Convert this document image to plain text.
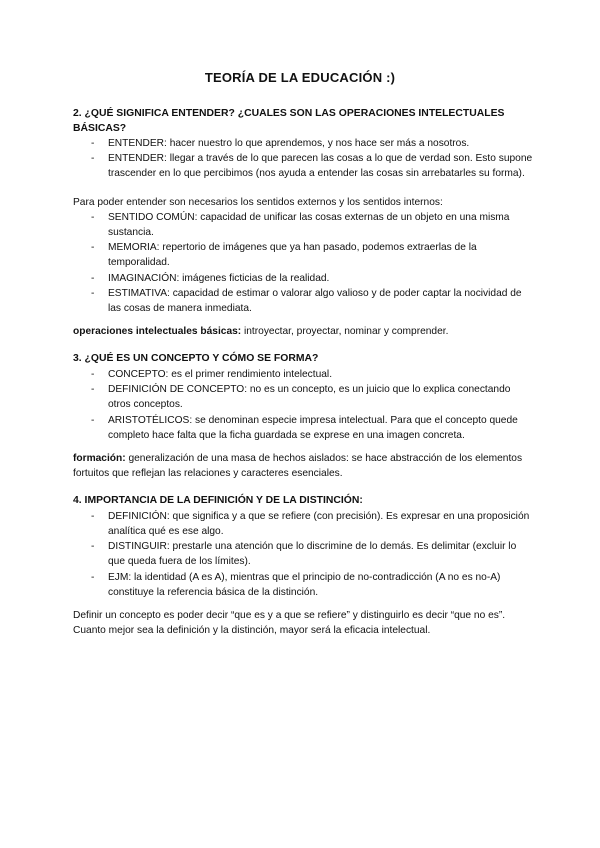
TEORÍA DE LA EDUCACIÓN :)
2. ¿QUÉ SIGNIFICA ENTENDER? ¿CUALES SON LAS OPERACIONES INTELECTUALES BÁSICAS?
- ENTENDER: hacer nuestro lo que aprendemos, y nos hace ser más a nosotros.
- ENTENDER: llegar a través de lo que parecen las cosas a lo que de verdad son. Esto supone trascender en lo que percibimos (nos ayuda a entender las cosas sin arrebatarles su forma).

Para poder entender son necesarios los sentidos externos y los sentidos internos:

- SENTIDO COMÚN: capacidad de unificar las cosas externas de un objeto en una misma sustancia.
- MEMORIA: repertorio de imágenes que ya han pasado, podemos extraerlas de la temporalidad.
- IMAGINACIÓN: imágenes ficticias de la realidad.
- ESTIMATIVA: capacidad de estimar o valorar algo valioso y de poder captar la nocividad de las cosas de manera inmediata.

operaciones intelectuales básicas: introyectar, proyectar, nominar y comprender.

3. ¿QUÉ ES UN CONCEPTO Y CÓMO SE FORMA?
- CONCEPTO: es el primer rendimiento intelectual.
- DEFINICIÓN DE CONCEPTO: no es un concepto, es un juicio que lo explica conectando otros conceptos.
- ARISTOTÉLICOS: se denominan especie impresa intelectual. Para que el concepto quede completo hace falta que la ficha guardada se exprese en una imagen concreta.

formación: generalización de una masa de hechos aislados: se hace abstracción de los elementos fortuitos que reflejan las relaciones y caracteres esenciales.

4. IMPORTANCIA DE LA DEFINICIÓN Y DE LA DISTINCIÓN:
- DEFINICIÓN: que significa y a que se refiere (con precisión). Es expresar en una proposición analítica qué es ese algo.
- DISTINGUIR: prestarle una atención que lo discrimine de lo demás. Es delimitar (excluir lo que queda fuera de los límites).
- EJM: la identidad (A es A), mientras que el principio de no-contradicción (A no es no-A) constituye la referencia básica de la distinción.

Definir un concepto es poder decir “que es y a que se refiere” y distinguirlo es decir “que no es”. Cuanto mejor sea la definición y la distinción, mayor será la eficacia intelectual.
